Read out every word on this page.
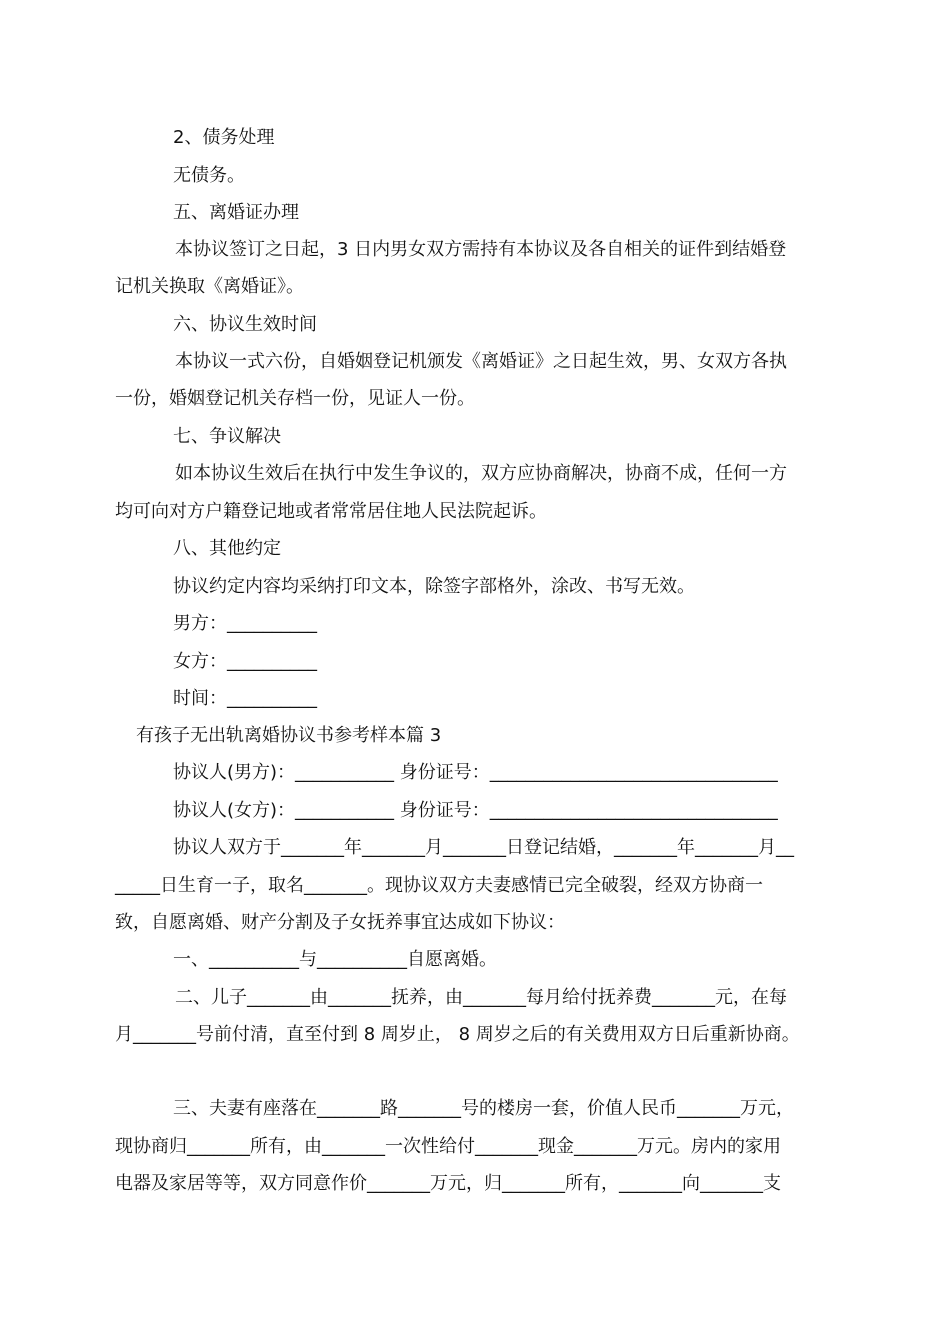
2、债务处理
无债务。
五、离婚证办理
本协议签订之日起，3 日内男女双方需持有本协议及各自相关的证件到结婚登
记机关换取《离婚证》。
六、协议生效时间
本协议一式六份，自婚姻登记机颁发《离婚证》之日起生效，男、女双方各执
一份，婚姻登记机关存档一份，见证人一份。
七、争议解决
如本协议生效后在执行中发生争议的，双方应协商解决，协商不成，任何一方
均可向对方户籍登记地或者常常居住地人民法院起诉。
八、其他约定
协议约定内容均采纳打印文本，除签字部格外，涂改、书写无效。
男方：__________
女方：__________
时间：__________
有孩子无出轨离婚协议书参考样本篇 3
协议人(男方)：___________ 身份证号：________________________________
协议人(女方)：___________ 身份证号：________________________________
协议人双方于_______年_______月_______日登记结婚，_______年_______月__
_____日生育一子，取名_______。现协议双方夫妻感情已完全破裂，经双方协商一
致，自愿离婚、财产分割及子女抚养事宜达成如下协议：
一、__________与__________自愿离婚。
二、儿子_______由_______抚养，由_______每月给付抚养费_______元，在每
月_______号前付清，直至付到 8 周岁止， 8 周岁之后的有关费用双方日后重新协商。
三、夫妻有座落在_______路_______号的楼房一套，价值人民币_______万元，
现协商归_______所有，由_______一次性给付_______现金_______万元。房内的家用
电器及家居等等，双方同意作价_______万元，归_______所有，_______向_______支
